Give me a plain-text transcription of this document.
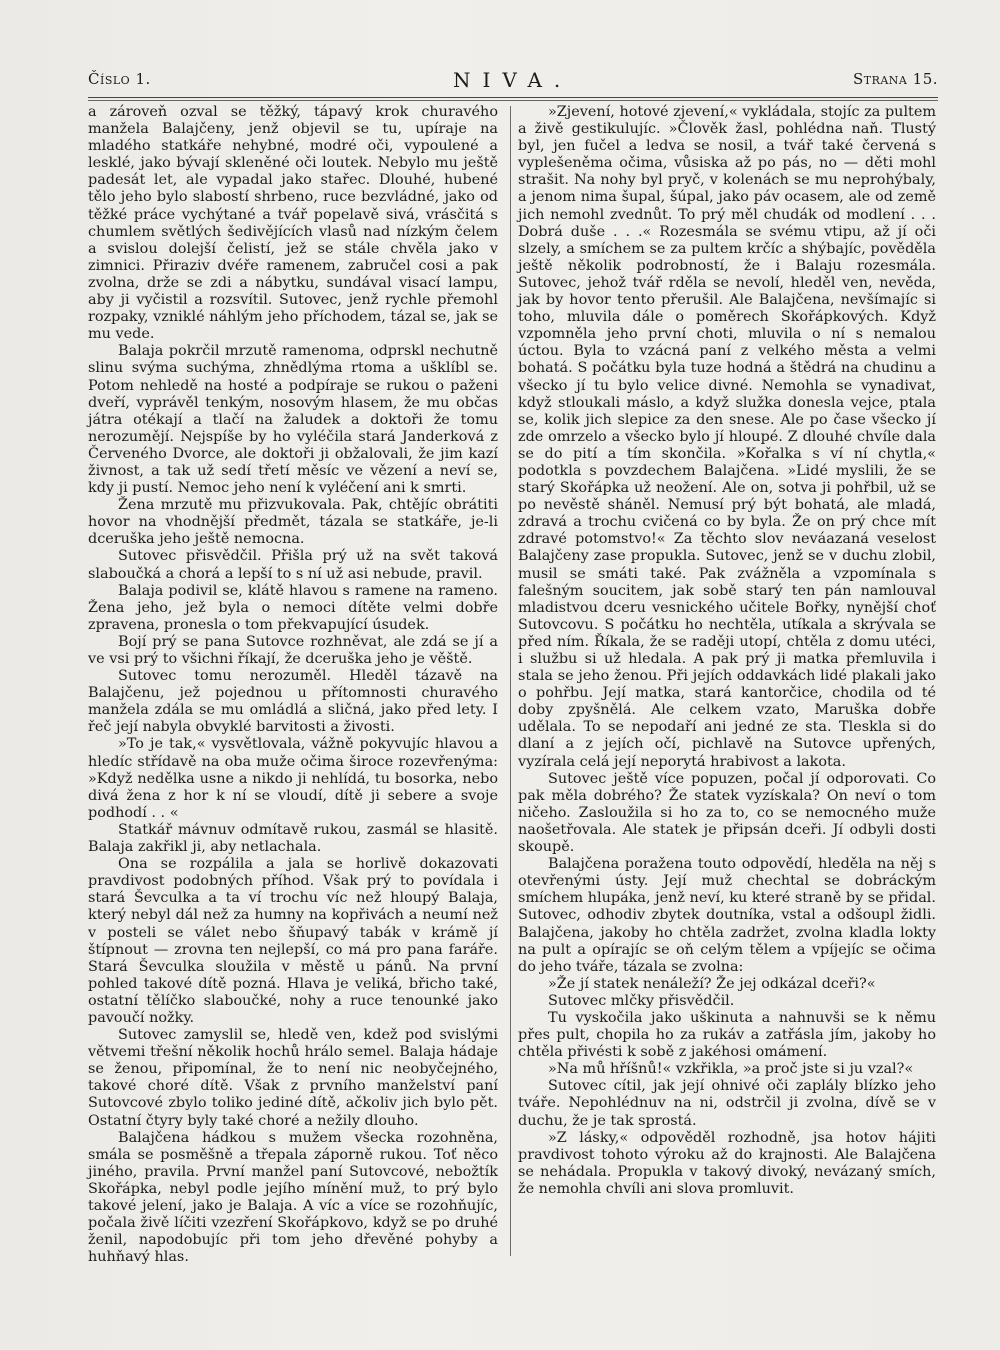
Číslo 1.	NIVA.	Strana 15.

a zároveň ozval se těžký, tápavý krok churavého manžela Balajčeny, jenž objevil se tu, upíraje na mladého statkáře nehybné, modré oči, vypoulené a lesklé, jako bývají skleněné oči loutek. Nebylo mu ještě padesát let, ale vypadal jako stařec. Dlouhé, hubené tělo jeho bylo slabostí shrbeno, ruce bezvládné, jako od těžké práce vychýtané a tvář popelavě sivá, vrásčitá s chumlem světlých šedivějících vlasů nad nízkým čelem a svislou dolejší čelistí, jež se stále chvěla jako v zimnici. Přiraziv dvéře ramenem, zabručel cosi a pak zvolna, drže se zdi a nábytku, sundával visací lampu, aby ji vyčistil a rozsvítil. Sutovec, jenž rychle přemohl rozpaky, vzniklé náhlým jeho příchodem, tázal se, jak se mu vede.

Balaja pokrčil mrzutě ramenoma, odprskl nechutně slinu svýma suchýma, zhnědlýma rtoma a ušklíbl se. Potom nehledě na hosté a podpíraje se rukou o paženi dveří, vyprávěl tenkým, nosovým hlasem, že mu občas játra otékají a tlačí na žaludek a doktoři že tomu nerozumějí. Nejspíše by ho vyléčila stará Janderková z Červeného Dvorce, ale doktoři ji obžalovali, že jim kazí živnost, a tak už sedí třetí měsíc ve vězení a neví se, kdy ji pustí. Nemoc jeho není k vyléčení ani k smrti.

Žena mrzutě mu přizvukovala. Pak, chtějíc obrátiti hovor na vhodnější předmět, tázala se statkáře, je-li dceruška jeho ještě nemocna.

Sutovec přisvědčil. Přišla prý už na svět taková slaboučká a chorá a lepší to s ní už asi nebude, pravil.

Balaja podivil se, klátě hlavou s ramene na rameno. Žena jeho, jež byla o nemoci dítěte velmi dobře zpravena, pronesla o tom překvapující úsudek.

Bojí prý se pana Sutovce rozhněvat, ale zdá se jí a ve vsi prý to všichni říkají, že dceruška jeho je věště.

Sutovec tomu nerozuměl. Hleděl tázavě na Balajčenu, jež pojednou u přítomnosti churavého manžela zdála se mu omládlá a sličná, jako před lety. I řeč její nabyla obvyklé barvitosti a živosti.

»To je tak,« vysvětlovala, vážně pokyvujíc hlavou a hledíc střídavě na oba muže očima široce rozevřenýma: »Když nedělka usne a nikdo ji nehlídá, tu bosorka, nebo divá žena z hor k ní se vloudí, dítě ji sebere a svoje podhodí . . «

Statkář mávnuv odmítavě rukou, zasmál se hlasitě. Balaja zakřikl ji, aby netlachala.

Ona se rozpálila a jala se horlivě dokazovati pravdivost podobných příhod. Však prý to povídala i stará Ševculka a ta ví trochu víc než hloupý Balaja, který nebyl dál než za humny na kopřivách a neumí než v posteli se válet nebo šňupavý tabák v krámě jí štípnout — zrovna ten nejlepší, co má pro pana faráře. Stará Ševculka sloužila v městě u pánů. Na první pohled takové dítě pozná. Hlava je veliká, břicho také, ostatní tělíčko slaboučké, nohy a ruce tenounké jako pavoučí nožky.

Sutovec zamyslil se, hledě ven, kdež pod svislými větvemi třešní několik hochů hrálo semel. Balaja hádaje se ženou, připomínal, že to není nic neobyčejného, takové choré dítě. Však z prvního manželství paní Sutovcové zbylo toliko jediné dítě, ačkoliv jich bylo pět. Ostatní čtyry byly také choré a nežily dlouho.

Balajčena hádkou s mužem všecka rozohněna, smála se posměšně a třepala záporně rukou. Toť něco jiného, pravila. První manžel paní Sutovcové, nebožtík Skořápka, nebyl podle jejího mínění muž, to prý bylo takové jelení, jako je Balaja. A víc a více se rozohňujíc, počala živě líčiti vzezření Skořápkovo, když se po druhé ženil, napodobujíc při tom jeho dřevěné pohyby a huhňavý hlas.

»Zjevení, hotové zjevení,« vykládala, stojíc za pultem a živě gestikulujíc. »Člověk žasl, pohlédna naň. Tlustý byl, jen fučel a ledva se nosil, a tvář také červená s vyplešeněma očima, vůsiska až po pás, no — děti mohl strašit. Na nohy byl pryč, v kolenách se mu neprohýbaly, a jenom nima šupal, šúpal, jako páv ocasem, ale od země jich nemohl zvednůt. To prý měl chudák od modlení . . . Dobrá duše . . .« Rozesmála se svému vtipu, až jí oči slzely, a smíchem se za pultem krčíc a shýbajíc, pověděla ještě několik podrobností, že i Balaju rozesmála. Sutovec, jehož tvář rděla se nevolí, hleděl ven, nevěda, jak by hovor tento přerušil. Ale Balajčena, nevšímajíc si toho, mluvila dále o poměrech Skořápkových. Když vzpomněla jeho první choti, mluvila o ní s nemalou úctou. Byla to vzácná paní z velkého města a velmi bohatá. S počátku byla tuze hodná a štědrá na chudinu a všecko jí tu bylo velice divné. Nemohla se vynadivat, když stloukali máslo, a když služka donesla vejce, ptala se, kolik jich slepice za den snese. Ale po čase všecko jí zde omrzelo a všecko bylo jí hloupé. Z dlouhé chvíle dala se do pití a tím skončila. »Kořalka s ví ní chytla,« podotkla s povzdechem Balajčena. »Lidé myslili, že se starý Skořápka už neožení. Ale on, sotva ji pohřbil, už se po nevěstě sháněl. Nemusí prý být bohatá, ale mladá, zdravá a trochu cvičená co by byla. Že on prý chce mít zdravé potomstvo!« Za těchto slov neváazaná veselost Balajčeny zase propukla. Sutovec, jenž se v duchu zlobil, musil se smáti také. Pak zvážněla a vzpomínala s falešným soucitem, jak sobě starý ten pán namlouval mladistvou dceru vesnického učitele Bořky, nynější choť Sutovcovu. S počátku ho nechtěla, utíkala a skrývala se před ním. Říkala, že se raději utopí, chtěla z domu utéci, i službu si už hledala. A pak prý ji matka přemluvila i stala se jeho ženou. Při jejích oddavkách lidé plakali jako o pohřbu. Její matka, stará kantorčice, chodila od té doby zpyšnělá. Ale celkem vzato, Maruška dobře udělala. To se nepodaří ani jedné ze sta. Tleskla si do dlaní a z jejích očí, pichlavě na Sutovce upřených, vyzírala celá její neporytá hrabivost a lakota.

Sutovec ještě více popuzen, počal jí odporovati. Co pak měla dobrého? Že statek vyzískala? On neví o tom ničeho. Zasloužila si ho za to, co se nemocného muže naošetřovala. Ale statek je připsán dceři. Jí odbyli dosti skoupě.

Balajčena poražena touto odpovědí, hleděla na něj s otevřenými ústy. Její muž chechtal se dobráckým smíchem hlupáka, jenž neví, ku které straně by se přidal. Sutovec, odhodiv zbytek doutníka, vstal a odšoupl židli. Balajčena, jakoby ho chtěla zadržet, zvolna kladla lokty na pult a opírajíc se oň celým tělem a vpíjejíc se očima do jeho tváře, tázala se zvolna:

»Že jí statek nenáleží? Že jej odkázal dceři?«

Sutovec mlčky přisvědčil.

Tu vyskočila jako uškinuta a nahnuvši se k němu přes pult, chopila ho za rukáv a zatřásla jím, jakoby ho chtěla přivésti k sobě z jakéhosi omámení.

»Na mů hříšnů!« vzkřikla, »a proč jste si ju vzal?«

Sutovec cítil, jak její ohnivé oči zaplály blízko jeho tváře. Nepohlédnuv na ni, odstrčil ji zvolna, dívě se v duchu, že je tak sprostá.

»Z lásky,« odpověděl rozhodně, jsa hotov hájiti pravdivost tohoto výroku až do krajnosti. Ale Balajčena se nehádala. Propukla v takový divoký, nevázaný smích, že nemohla chvíli ani slova promluvit.
